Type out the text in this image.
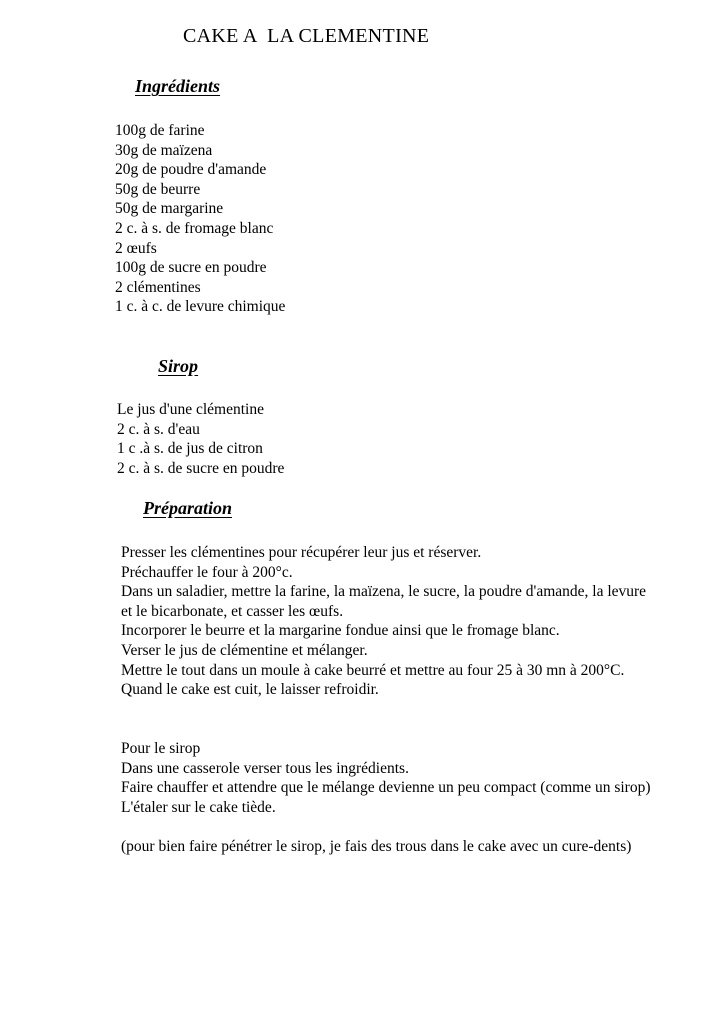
CAKE A  LA CLEMENTINE
Ingrédients
100g de farine
30g de maïzena
20g de poudre d'amande
50g de beurre
50g de margarine
2 c. à s. de fromage blanc
2 œufs
100g de sucre en poudre
2 clémentines
1 c. à c. de levure chimique
Sirop
Le jus d'une clémentine
2 c. à s. d'eau
1 c .à s. de jus de citron
2 c. à s. de sucre en poudre
Préparation
Presser les clémentines pour récupérer leur jus et réserver.
Préchauffer le four à 200°c.
Dans un saladier, mettre la farine, la maïzena, le sucre, la poudre d'amande, la levure
et le bicarbonate, et casser les œufs.
Incorporer le beurre et la margarine fondue ainsi que le fromage blanc.
Verser le jus de clémentine et mélanger.
Mettre le tout dans un moule à cake beurré et mettre au four 25 à 30 mn à 200°C.
Quand le cake est cuit, le laisser refroidir.
Pour le sirop
Dans une casserole verser tous les ingrédients.
Faire chauffer et attendre que le mélange devienne un peu compact (comme un sirop)
L'étaler sur le cake tiède.
(pour bien faire pénétrer le sirop, je fais des trous dans le cake avec un cure-dents)
